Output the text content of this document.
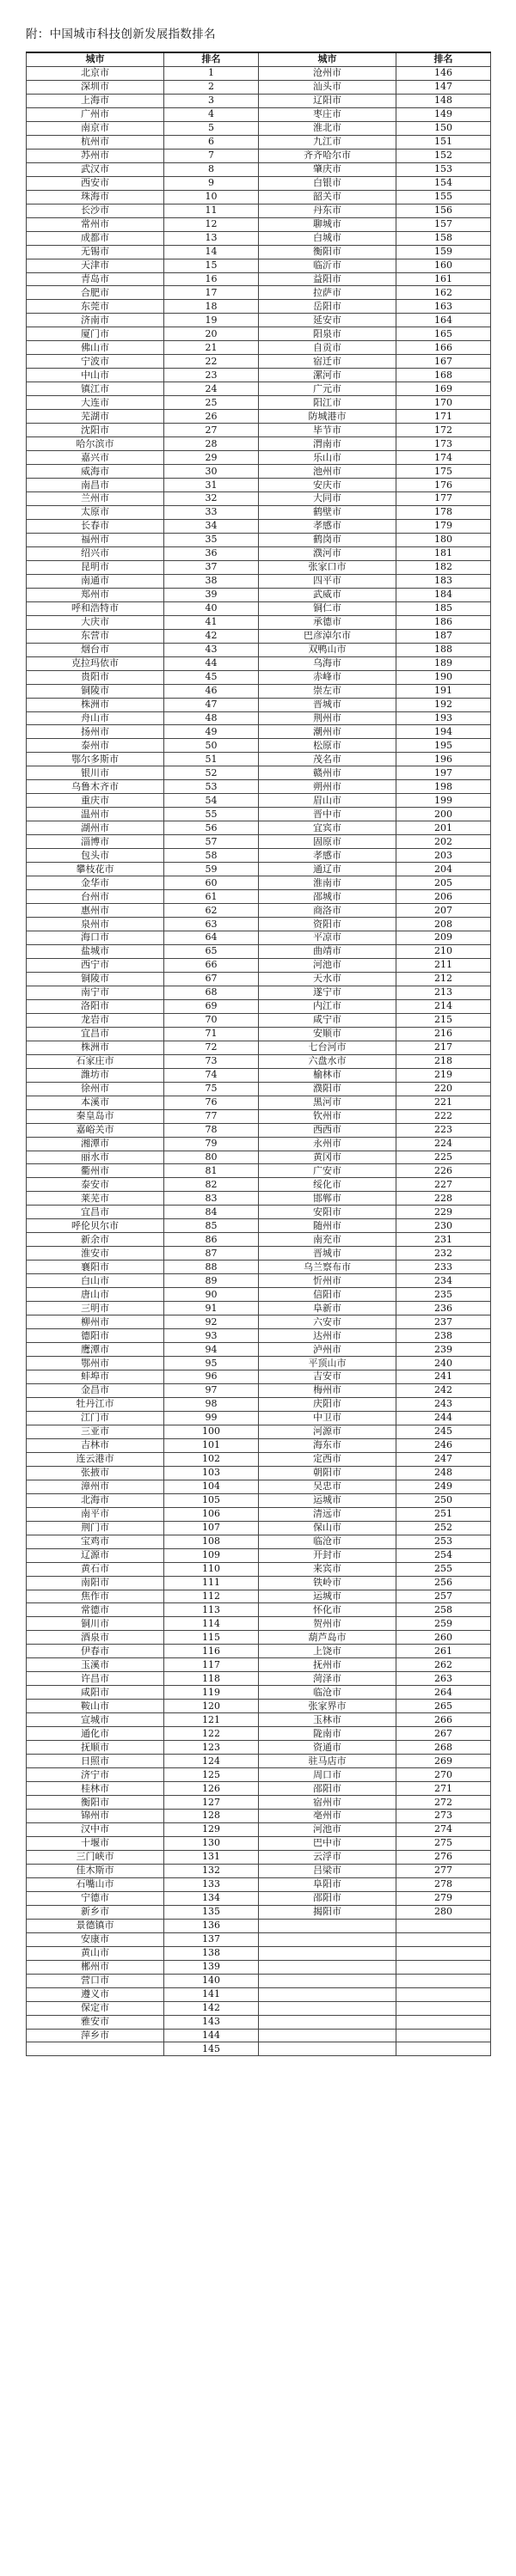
附：中国城市科技创新发展指数排名
城市	排名	城市	排名
北京市	1	沧州市	146
深圳市	2	汕头市	147
上海市	3	辽阳市	148
广州市	4	枣庄市	149
南京市	5	淮北市	150
杭州市	6	九江市	151
苏州市	7	齐齐哈尔市	152
武汉市	8	肇庆市	153
西安市	9	白银市	154
珠海市	10	韶关市	155
长沙市	11	丹东市	156
常州市	12	聊城市	157
成都市	13	白城市	158
无锡市	14	衡阳市	159
天津市	15	临沂市	160
青岛市	16	益阳市	161
合肥市	17	拉萨市	162
东莞市	18	岳阳市	163
济南市	19	延安市	164
厦门市	20	阳泉市	165
佛山市	21	自贡市	166
宁波市	22	宿迁市	167
中山市	23	漯河市	168
镇江市	24	广元市	169
大连市	25	阳江市	170
芜湖市	26	防城港市	171
沈阳市	27	毕节市	172
哈尔滨市	28	渭南市	173
嘉兴市	29	乐山市	174
威海市	30	池州市	175
南昌市	31	安庆市	176
兰州市	32	大同市	177
太原市	33	鹤壁市	178
长春市	34	孝感市	179
福州市	35	鹤岗市	180
绍兴市	36	濮河市	181
昆明市	37	张家口市	182
南通市	38	四平市	183
郑州市	39	武威市	184
呼和浩特市	40	铜仁市	185
大庆市	41	承德市	186
东营市	42	巴彦淖尔市	187
烟台市	43	双鸭山市	188
克拉玛依市	44	乌海市	189
贵阳市	45	赤峰市	190
铜陵市	46	崇左市	191
株洲市	47	晋城市	192
舟山市	48	荆州市	193
扬州市	49	潮州市	194
泰州市	50	松原市	195
鄂尔多斯市	51	茂名市	196
银川市	52	赣州市	197
乌鲁木齐市	53	朔州市	198
重庆市	54	眉山市	199
温州市	55	晋中市	200
湖州市	56	宜宾市	201
淄博市	57	固原市	202
包头市	58	孝感市	203
攀枝花市	59	通辽市	204
金华市	60	淮南市	205
台州市	61	邵城市	206
惠州市	62	商洛市	207
泉州市	63	资阳市	208
海口市	64	平凉市	209
盐城市	65	曲靖市	210
西宁市	66	河池市	211
铜陵市	67	天水市	212
南宁市	68	遂宁市	213
洛阳市	69	内江市	214
龙岩市	70	咸宁市	215
宜昌市	71	安顺市	216
株洲市	72	七台河市	217
石家庄市	73	六盘水市	218
潍坊市	74	榆林市	219
徐州市	75	濮阳市	220
本溪市	76	黑河市	221
秦皇岛市	77	钦州市	222
嘉峪关市	78	西西市	223
湘潭市	79	永州市	224
丽水市	80	黄冈市	225
衢州市	81	广安市	226
泰安市	82	绥化市	227
莱芜市	83	邯郸市	228
宜昌市	84	安阳市	229
呼伦贝尔市	85	随州市	230
新余市	86	南充市	231
淮安市	87	晋城市	232
襄阳市	88	乌兰察布市	233
白山市	89	忻州市	234
唐山市	90	信阳市	235
三明市	91	阜新市	236
柳州市	92	六安市	237
德阳市	93	达州市	238
鹰潭市	94	泸州市	239
鄂州市	95	平顶山市	240
蚌埠市	96	吉安市	241
金昌市	97	梅州市	242
牡丹江市	98	庆阳市	243
江门市	99	中卫市	244
三亚市	100	河源市	245
吉林市	101	海东市	246
连云港市	102	定西市	247
张掖市	103	朝阳市	248
漳州市	104	吴忠市	249
北海市	105	运城市	250
南平市	106	清远市	251
荆门市	107	保山市	252
宝鸡市	108	临沧市	253
辽源市	109	开封市	254
黄石市	110	来宾市	255
南阳市	111	铁岭市	256
焦作市	112	运城市	257
常德市	113	怀化市	258
铜川市	114	贺州市	259
酒泉市	115	葫芦岛市	260
伊春市	116	上饶市	261
玉溪市	117	抚州市	262
许昌市	118	菏泽市	263
咸阳市	119	临沧市	264
鞍山市	120	张家界市	265
宣城市	121	玉林市	266
通化市	122	陇南市	267
抚顺市	123	资通市	268
日照市	124	驻马店市	269
济宁市	125	周口市	270
桂林市	126	邵阳市	271
衡阳市	127	宿州市	272
锦州市	128	亳州市	273
汉中市	129	河池市	274
十堰市	130	巴中市	275
三门峡市	131	云浮市	276
佳木斯市	132	吕梁市	277
石嘴山市	133	阜阳市	278
宁德市	134	邵阳市	279
新乡市	135	揭阳市	280
景德镇市	136		
安康市	137		
黄山市	138		
郴州市	139		
营口市	140		
遵义市	141		
保定市	142		
雅安市	143		
萍乡市	144		
	145		
